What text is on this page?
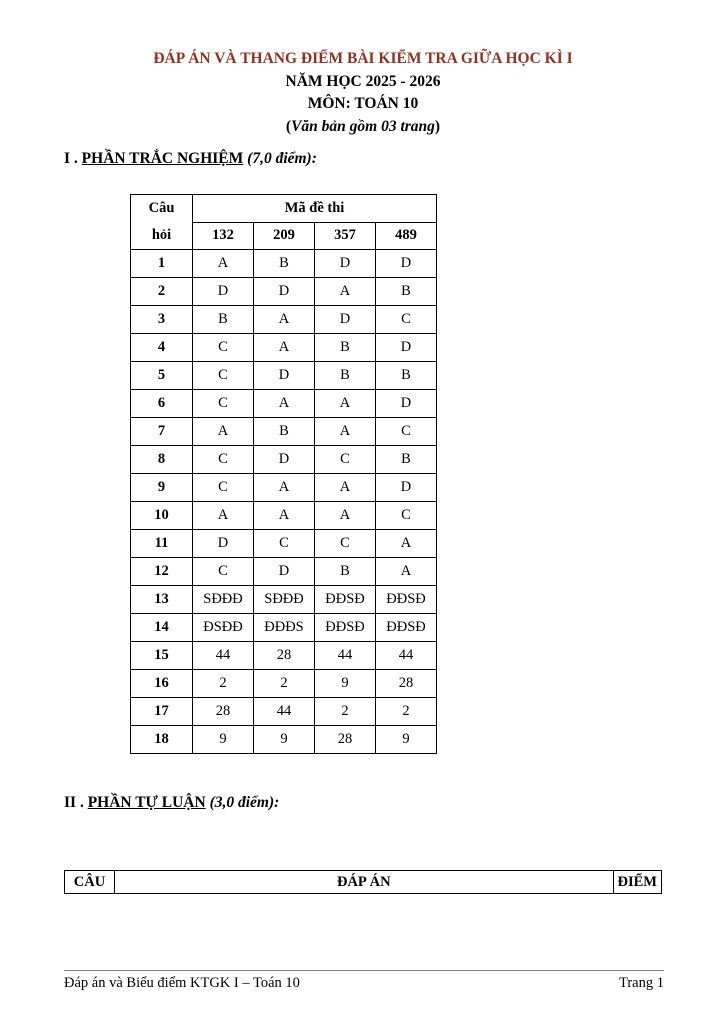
ĐÁP ÁN VÀ THANG ĐIỂM BÀI KIỂM TRA GIỮA HỌC KÌ I
NĂM HỌC 2025 - 2026
MÔN: TOÁN 10
(Văn bản gồm 03 trang)
I . PHẦN TRẮC NGHIỆM (7,0 điểm):
Câu
hỏi	Mã đề thi			
	132	209	357	489
1	A	B	D	D
2	D	D	A	B
3	B	A	D	C
4	C	A	B	D
5	C	D	B	B
6	C	A	A	D
7	A	B	A	C
8	C	D	C	B
9	C	A	A	D
10	A	A	A	C
11	D	C	C	A
12	C	D	B	A
13	SĐĐĐ	SĐĐĐ	ĐĐSĐ	ĐĐSĐ
14	ĐSĐĐ	ĐĐĐS	ĐĐSĐ	ĐĐSĐ
15	44	28	44	44
16	2	2	9	28
17	28	44	2	2
18	9	9	28	9
II . PHẦN TỰ LUẬN (3,0 điểm):
CÂU	ĐÁP ÁN	ĐIỂM
Đáp án và Biểu điểm KTGK I – Toán 10	Trang 1
